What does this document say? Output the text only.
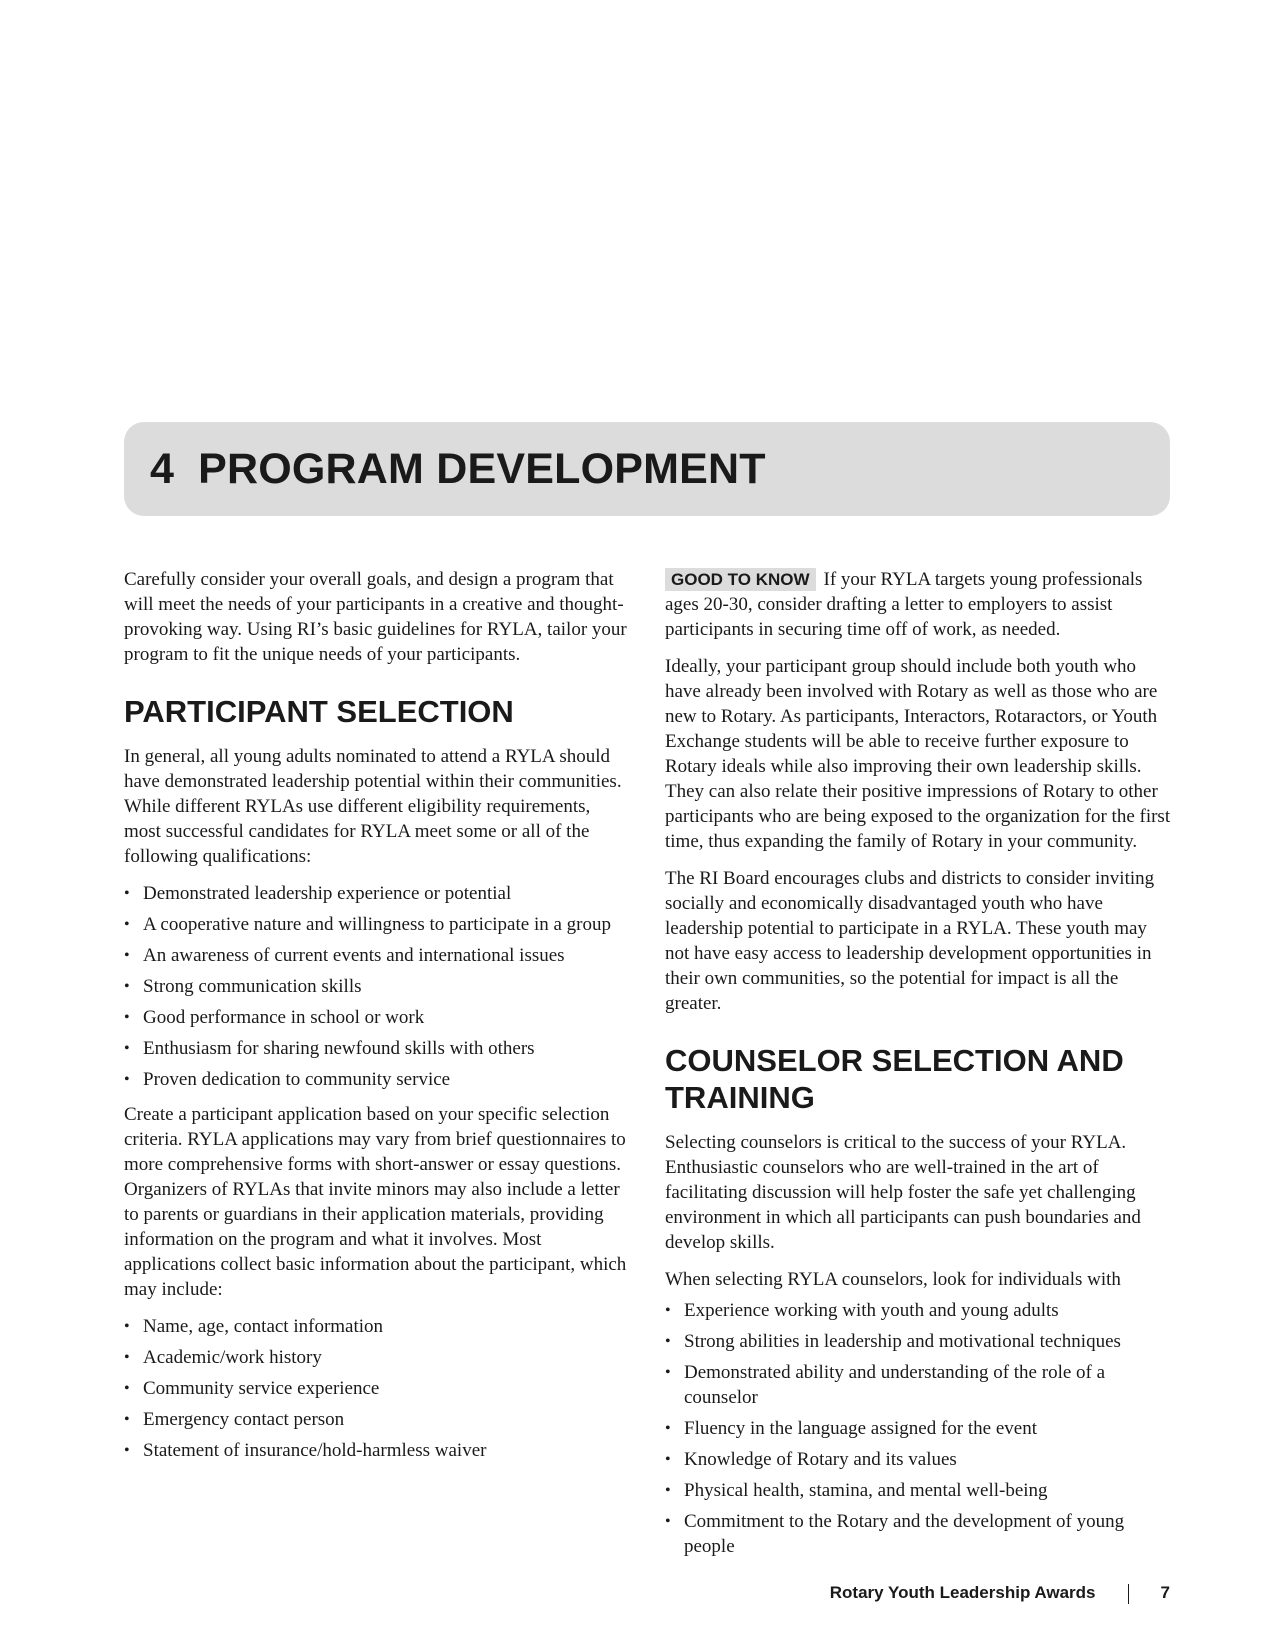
4 PROGRAM DEVELOPMENT

Carefully consider your overall goals, and design a program that will meet the needs of your participants in a creative and thought-provoking way. Using RI’s basic guidelines for RYLA, tailor your program to fit the unique needs of your participants.

PARTICIPANT SELECTION

In general, all young adults nominated to attend a RYLA should have demonstrated leadership potential within their communities. While different RYLAs use different eligibility requirements, most successful candidates for RYLA meet some or all of the following qualifications:

• Demonstrated leadership experience or potential
• A cooperative nature and willingness to participate in a group
• An awareness of current events and international issues
• Strong communication skills
• Good performance in school or work
• Enthusiasm for sharing newfound skills with others
• Proven dedication to community service

Create a participant application based on your specific selection criteria. RYLA applications may vary from brief questionnaires to more comprehensive forms with short-answer or essay questions. Organizers of RYLAs that invite minors may also include a letter to parents or guardians in their application materials, providing information on the program and what it involves. Most applications collect basic information about the participant, which may include:

• Name, age, contact information
• Academic/work history
• Community service experience
• Emergency contact person
• Statement of insurance/hold-harmless waiver

GOOD TO KNOW If your RYLA targets young professionals ages 20-30, consider drafting a letter to employers to assist participants in securing time off of work, as needed.

Ideally, your participant group should include both youth who have already been involved with Rotary as well as those who are new to Rotary. As participants, Interactors, Rotaractors, or Youth Exchange students will be able to receive further exposure to Rotary ideals while also improving their own leadership skills. They can also relate their positive impressions of Rotary to other participants who are being exposed to the organization for the first time, thus expanding the family of Rotary in your community.

The RI Board encourages clubs and districts to consider inviting socially and economically disadvantaged youth who have leadership potential to participate in a RYLA. These youth may not have easy access to leadership development opportunities in their own communities, so the potential for impact is all the greater.

COUNSELOR SELECTION AND TRAINING

Selecting counselors is critical to the success of your RYLA. Enthusiastic counselors who are well-trained in the art of facilitating discussion will help foster the safe yet challenging environment in which all participants can push boundaries and develop skills.

When selecting RYLA counselors, look for individuals with

• Experience working with youth and young adults
• Strong abilities in leadership and motivational techniques
• Demonstrated ability and understanding of the role of a counselor
• Fluency in the language assigned for the event
• Knowledge of Rotary and its values
• Physical health, stamina, and mental well-being
• Commitment to the Rotary and the development of young people
Rotary Youth Leadership Awards	7
